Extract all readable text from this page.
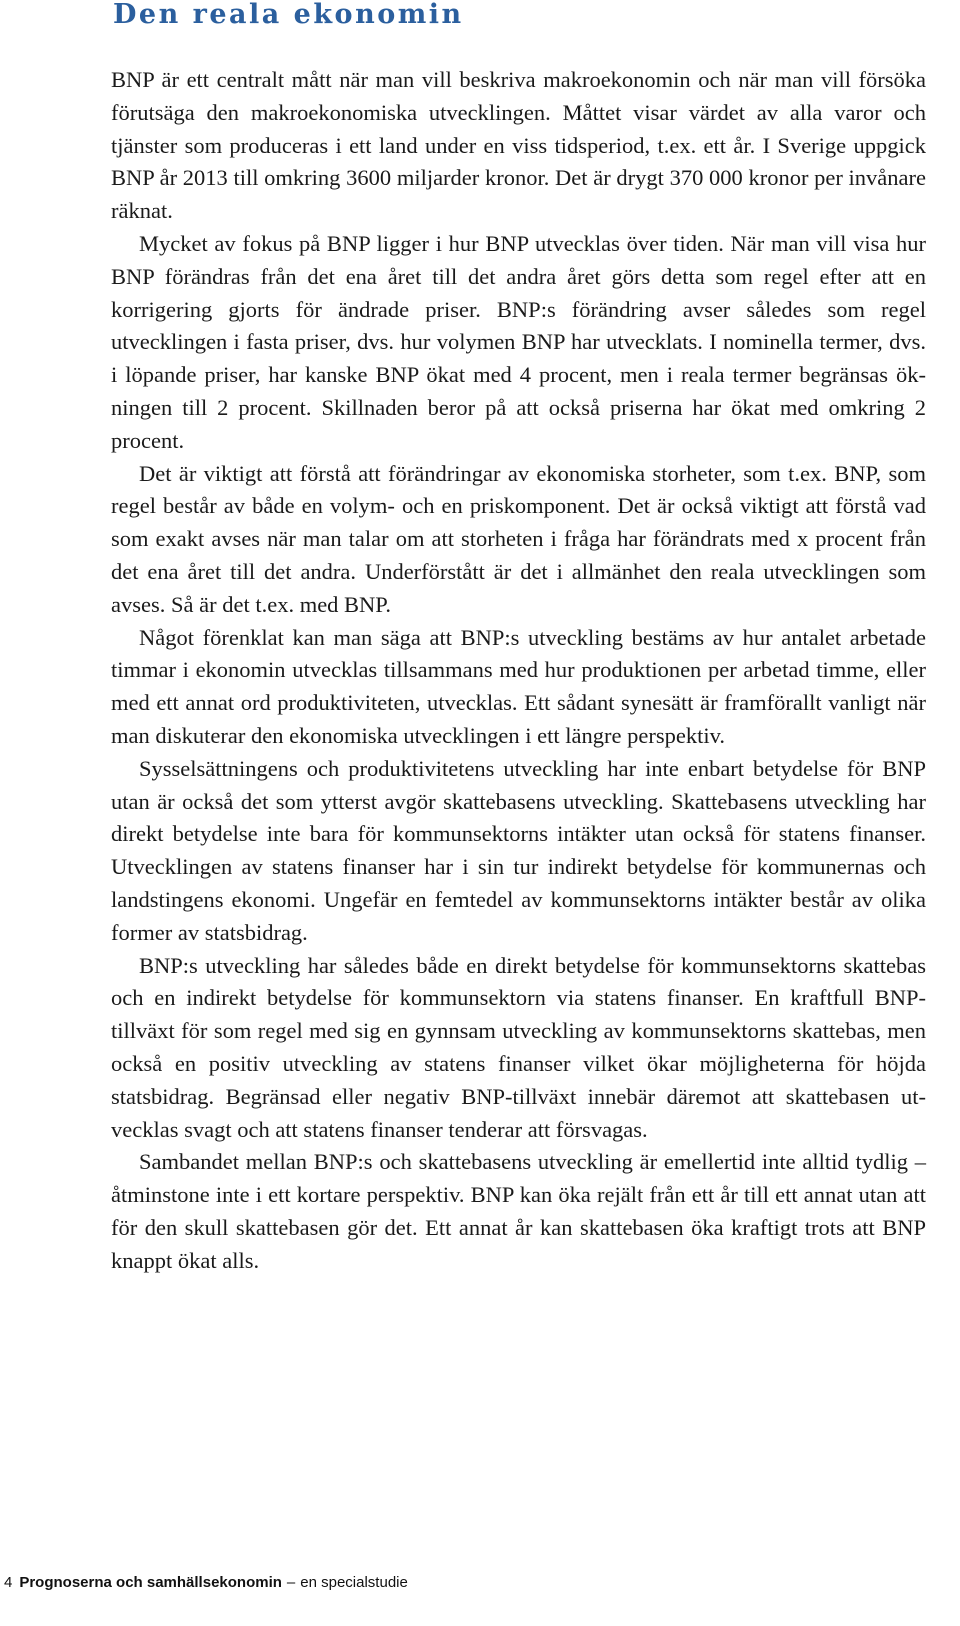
Den reala ekonomin

BNP är ett centralt mått när man vill beskriva makroekonomin och när man vill försöka förutsäga den makroekonomiska utvecklingen. Måttet visar värdet av alla varor och tjänster som produceras i ett land under en viss tidsperiod, t.ex. ett år. I Sverige uppgick BNP år 2013 till omkring 3600 miljarder kronor. Det är drygt 370 000 kronor per invånare räknat.

Mycket av fokus på BNP ligger i hur BNP utvecklas över tiden. När man vill visa hur BNP förändras från det ena året till det andra året görs detta som regel efter att en korrigering gjorts för ändrade priser. BNP:s förändring avser således som regel utvecklingen i fasta priser, dvs. hur volymen BNP har utvecklats. I nominella termer, dvs. i löpande priser, har kanske BNP ökat med 4 procent, men i reala termer begränsas ökningen till 2 procent. Skillnaden beror på att också priserna har ökat med omkring 2 procent.

Det är viktigt att förstå att förändringar av ekonomiska storheter, som t.ex. BNP, som regel består av både en volym- och en priskomponent. Det är också viktigt att förstå vad som exakt avses när man talar om att storheten i fråga har förändrats med x procent från det ena året till det andra. Underförstått är det i allmänhet den reala utvecklingen som avses. Så är det t.ex. med BNP.

Något förenklat kan man säga att BNP:s utveckling bestäms av hur antalet arbetade timmar i ekonomin utvecklas tillsammans med hur produktionen per arbetad timme, eller med ett annat ord produktiviteten, utvecklas. Ett sådant synesätt är framförallt vanligt när man diskuterar den ekonomiska utvecklingen i ett längre perspektiv.

Sysselsättningens och produktivitetens utveckling har inte enbart betydelse för BNP utan är också det som ytterst avgör skattebasens utveckling. Skattebasens utveckling har direkt betydelse inte bara för kommunsektorns intäkter utan också för statens finanser. Utvecklingen av statens finanser har i sin tur indirekt betydelse för kommunernas och landstingens ekonomi. Ungefär en femtedel av kommunsektorns intäkter består av olika former av statsbidrag.

BNP:s utveckling har således både en direkt betydelse för kommunsektorns skattebas och en indirekt betydelse för kommunsektorn via statens finanser. En kraftfull BNP-tillväxt för som regel med sig en gynnsam utveckling av kommunsektorns skattebas, men också en positiv utveckling av statens finanser vilket ökar möjligheterna för höjda statsbidrag. Begränsad eller negativ BNP-tillväxt innebär däremot att skattebasen utvecklas svagt och att statens finanser tenderar att försvagas.

Sambandet mellan BNP:s och skattebasens utveckling är emellertid inte alltid tydlig – åtminstone inte i ett kortare perspektiv. BNP kan öka rejält från ett år till ett annat utan att för den skull skattebasen gör det. Ett annat år kan skattebasen öka kraftigt trots att BNP knappt ökat alls.

4 Prognoserna och samhällsekonomin – en specialstudie
